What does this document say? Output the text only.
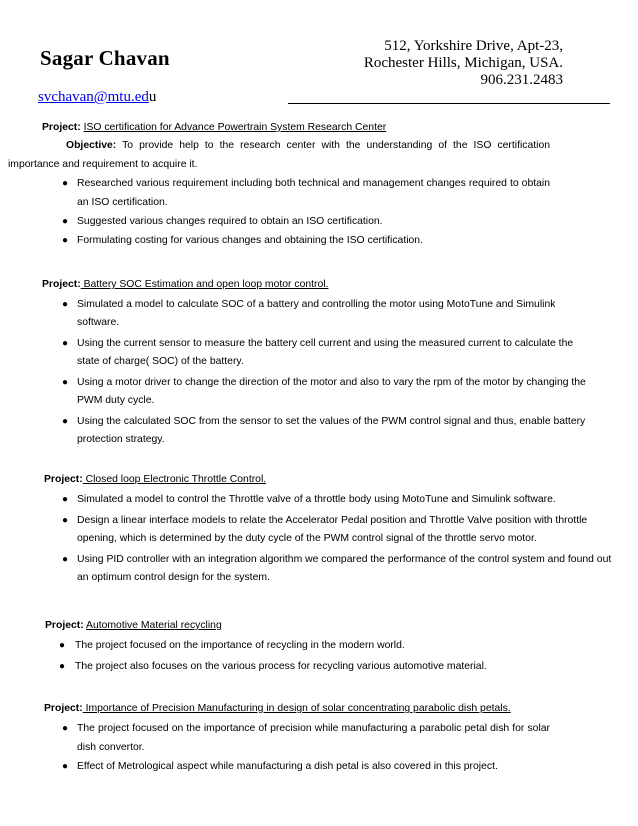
Sagar Chavan
svchavan@mtu.edu
512, Yorkshire Drive, Apt-23,
Rochester Hills, Michigan, USA.
906.231.2483
Project: ISO certification for Advance Powertrain System Research Center
Objective: To provide help to the research center with the understanding of the ISO certification
importance and requirement to acquire it.
● Researched various requirement including both technical and management changes required to obtain an ISO certification.
● Suggested various changes required to obtain an ISO certification.
● Formulating costing for various changes and obtaining the ISO certification.
Project: Battery SOC Estimation and open loop motor control.
● Simulated a model to calculate SOC of a battery and controlling the motor using MotoTune and Simulink software.
● Using the current sensor to measure the battery cell current and using the measured current to calculate the state of charge( SOC) of the battery.
● Using a motor driver to change the direction of the motor and also to vary the rpm of the motor by changing the PWM duty cycle.
● Using the calculated SOC from the sensor to set the values of the PWM control signal and thus, enable battery protection strategy.
Project: Closed loop Electronic Throttle Control.
● Simulated a model to control the Throttle valve of a throttle body using MotoTune and Simulink software.
● Design a linear interface models to relate the Accelerator Pedal position and Throttle Valve position with throttle opening, which is determined by the duty cycle of the PWM control signal of the throttle servo motor.
● Using PID controller with an integration algorithm we compared the performance of the control system and found out an optimum control design for the system.
Project: Automotive Material recycling
● The project focused on the importance of recycling in the modern world.
● The project also focuses on the various process for recycling various automotive material.
Project: Importance of Precision Manufacturing in design of solar concentrating parabolic dish petals.
● The project focused on the importance of precision while manufacturing a parabolic petal dish for solar dish convertor.
● Effect of Metrological aspect while manufacturing a dish petal is also covered in this project.
